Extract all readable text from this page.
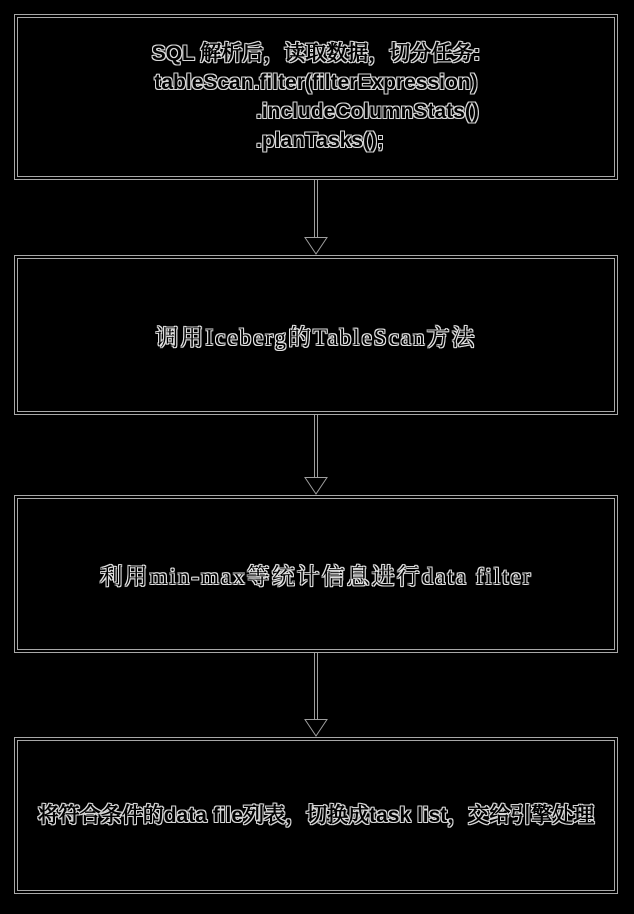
SQL 解析后，读取数据，切分任务:
tableScan.filter(filterExpression)
.includeColumnStats()
.planTasks();
调用Iceberg的TableScan方法
利用min-max等统计信息进行data filter
将符合条件的data file列表，切换成task list，交给引擎处理
